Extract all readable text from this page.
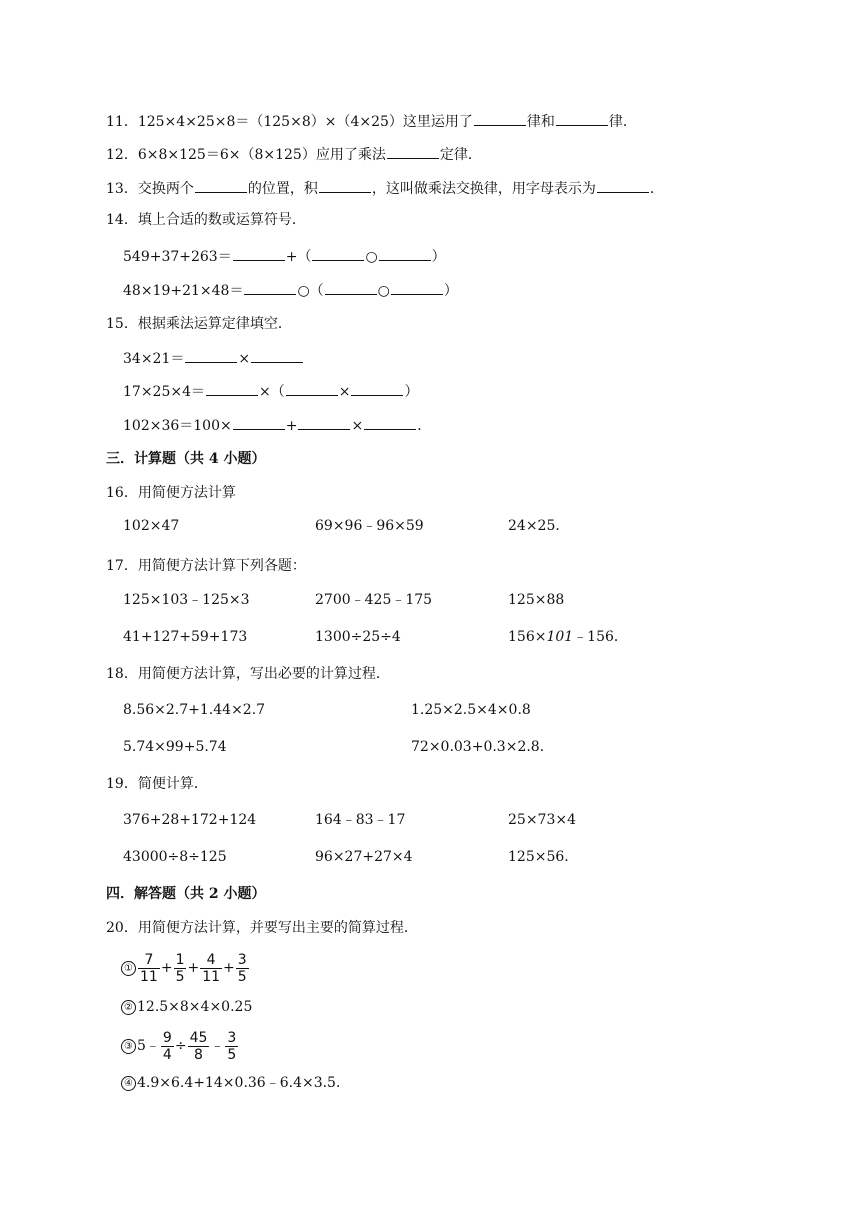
11．125×4×25×8＝（125×8）×（4×25）这里运用了	律和	律．
12．6×8×125＝6×（8×125）应用了乘法	定律．
13．交换两个	的位置，积	，这叫做乘法交换律，用字母表示为	．
14．填上合适的数或运算符号．
549+37+263＝	+（	○	）
48×19+21×48＝	○（	○	）
15．根据乘法运算定律填空．
34×21＝	×
17×25×4＝	×（	×	）
102×36＝100×	+	×	．
三．计算题（共 4 小题）
16．用简便方法计算
102×47	69×96﹣96×59	24×25．
17．用简便方法计算下列各题：
125×103﹣125×3	2700﹣425﹣175	125×88
41+127+59+173	1300÷25÷4	156×101﹣156．
18．用简便方法计算，写出必要的计算过程．
8.56×2.7+1.44×2.7	1.25×2.5×4×0.8
5.74×99+5.74	72×0.03+0.3×2.8．
19．简便计算．
376+28+172+124	164﹣83﹣17	25×73×4
43000÷8÷125	96×27+27×4	125×56．
四．解答题（共 2 小题）
20．用简便方法计算，并要写出主要的简算过程．
① $\frac{7}{11} + \frac{1}{5} + \frac{4}{11} + \frac{3}{5}$
② 12.5×8×4×0.25
③ 5﹣ $\frac{9}{4} \div \frac{45}{8}$ ﹣ $\frac{3}{5}$
④ 4.9×6.4+14×0.36﹣6.4×3.5．
